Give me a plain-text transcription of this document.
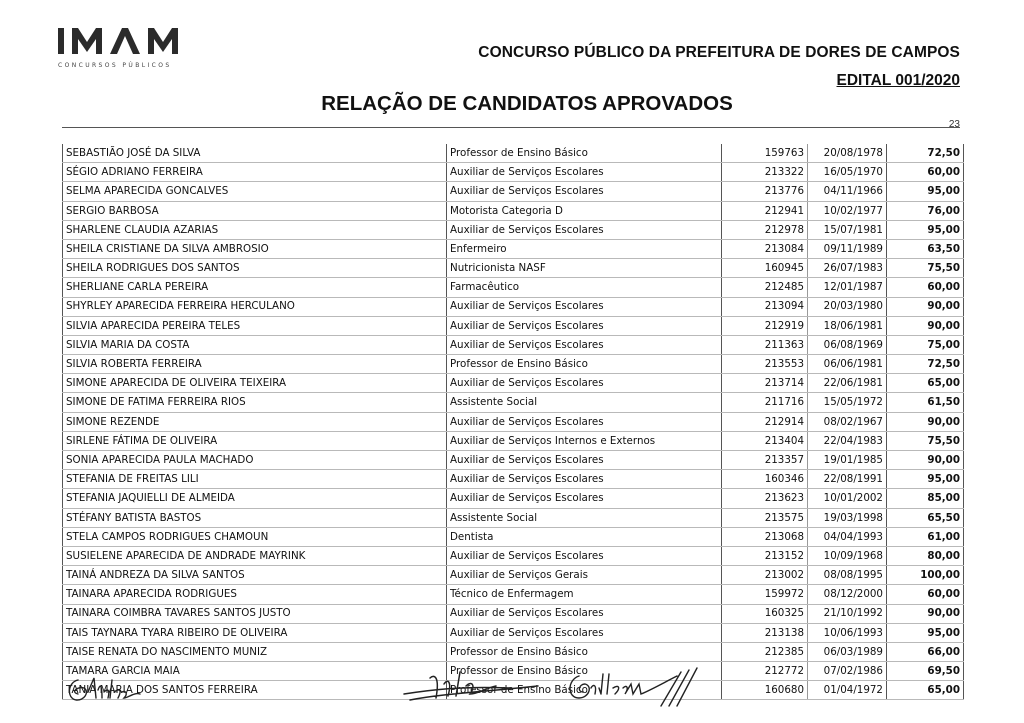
CONCURSOS PÚBLICOS
CONCURSO PÚBLICO DA PREFEITURA DE DORES DE CAMPOS
EDITAL 001/2020
RELAÇÃO DE CANDIDATOS APROVADOS
23
SEBASTIÃO JOSÉ DA SILVA	Professor de Ensino Básico	159763	20/08/1978	72,50
SÉGIO ADRIANO FERREIRA	Auxiliar de Serviços Escolares	213322	16/05/1970	60,00
SELMA APARECIDA GONCALVES	Auxiliar de Serviços Escolares	213776	04/11/1966	95,00
SERGIO BARBOSA	Motorista Categoria D	212941	10/02/1977	76,00
SHARLENE CLAUDIA AZARIAS	Auxiliar de Serviços Escolares	212978	15/07/1981	95,00
SHEILA CRISTIANE DA SILVA AMBROSIO	Enfermeiro	213084	09/11/1989	63,50
SHEILA RODRIGUES DOS SANTOS	Nutricionista NASF	160945	26/07/1983	75,50
SHERLIANE CARLA PEREIRA	Farmacêutico	212485	12/01/1987	60,00
SHYRLEY APARECIDA FERREIRA HERCULANO	Auxiliar de Serviços Escolares	213094	20/03/1980	90,00
SILVIA APARECIDA PEREIRA TELES	Auxiliar de Serviços Escolares	212919	18/06/1981	90,00
SILVIA MARIA DA COSTA	Auxiliar de Serviços Escolares	211363	06/08/1969	75,00
SILVIA ROBERTA FERREIRA	Professor de Ensino Básico	213553	06/06/1981	72,50
SIMONE APARECIDA DE OLIVEIRA TEIXEIRA	Auxiliar de Serviços Escolares	213714	22/06/1981	65,00
SIMONE DE FATIMA FERREIRA RIOS	Assistente Social	211716	15/05/1972	61,50
SIMONE REZENDE	Auxiliar de Serviços Escolares	212914	08/02/1967	90,00
SIRLENE FÁTIMA DE OLIVEIRA	Auxiliar de Serviços Internos e Externos	213404	22/04/1983	75,50
SONIA APARECIDA PAULA MACHADO	Auxiliar de Serviços Escolares	213357	19/01/1985	90,00
STEFANIA DE FREITAS LILI	Auxiliar de Serviços Escolares	160346	22/08/1991	95,00
STEFANIA JAQUIELLI DE ALMEIDA	Auxiliar de Serviços Escolares	213623	10/01/2002	85,00
STÉFANY BATISTA BASTOS	Assistente Social	213575	19/03/1998	65,50
STELA CAMPOS RODRIGUES CHAMOUN	Dentista	213068	04/04/1993	61,00
SUSIELENE APARECIDA DE ANDRADE MAYRINK	Auxiliar de Serviços Escolares	213152	10/09/1968	80,00
TAINÁ ANDREZA DA SILVA SANTOS	Auxiliar de Serviços Gerais	213002	08/08/1995	100,00
TAINARA APARECIDA RODRIGUES	Técnico de Enfermagem	159972	08/12/2000	60,00
TAINARA COIMBRA TAVARES SANTOS JUSTO	Auxiliar de Serviços Escolares	160325	21/10/1992	90,00
TAIS TAYNARA TYARA RIBEIRO DE OLIVEIRA	Auxiliar de Serviços Escolares	213138	10/06/1993	95,00
TAISE RENATA DO NASCIMENTO MUNIZ	Professor de Ensino Básico	212385	06/03/1989	66,00
TAMARA GARCIA MAIA	Professor de Ensino Básico	212772	07/02/1986	69,50
TANIA MARIA DOS SANTOS FERREIRA	Professor de Ensino Básico	160680	01/04/1972	65,00
